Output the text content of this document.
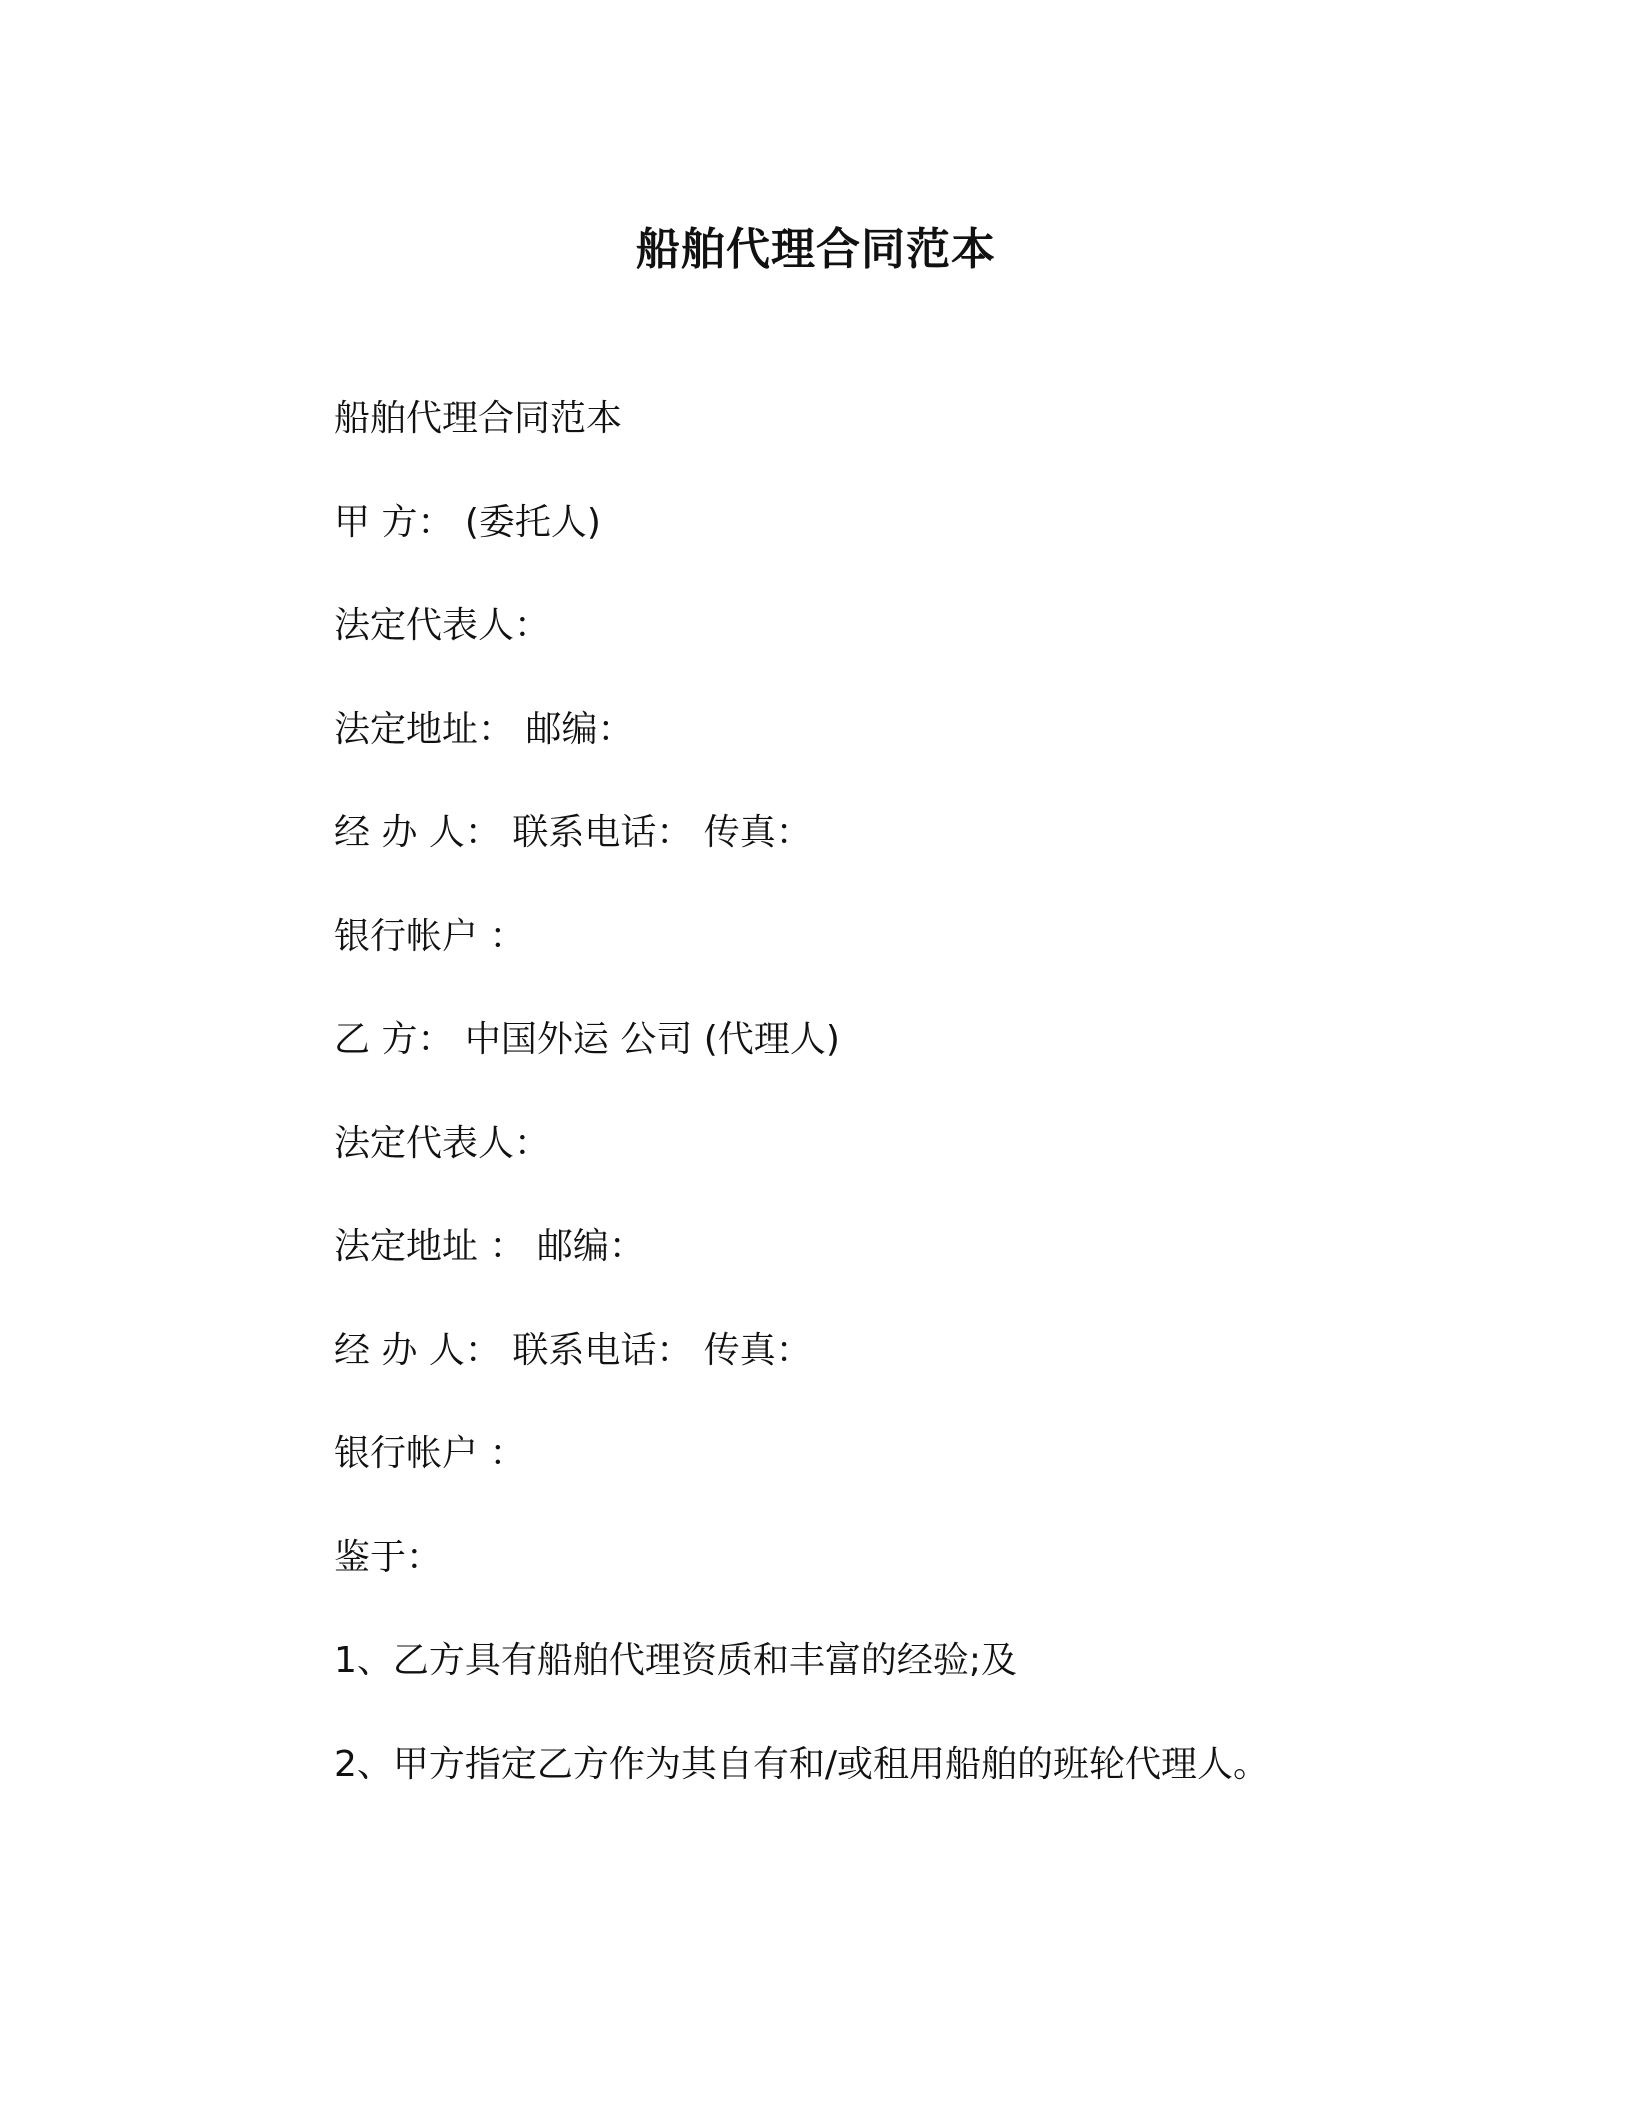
船舶代理合同范本

船舶代理合同范本

甲 方： (委托人)

法定代表人：

法定地址： 邮编：

经 办 人： 联系电话： 传真：

银行帐户 ：

乙 方： 中国外运 公司 (代理人)

法定代表人：

法定地址 ： 邮编：

经 办 人： 联系电话： 传真：

银行帐户 ：

鉴于：

1、乙方具有船舶代理资质和丰富的经验;及

2、甲方指定乙方作为其自有和/或租用船舶的班轮代理人。
